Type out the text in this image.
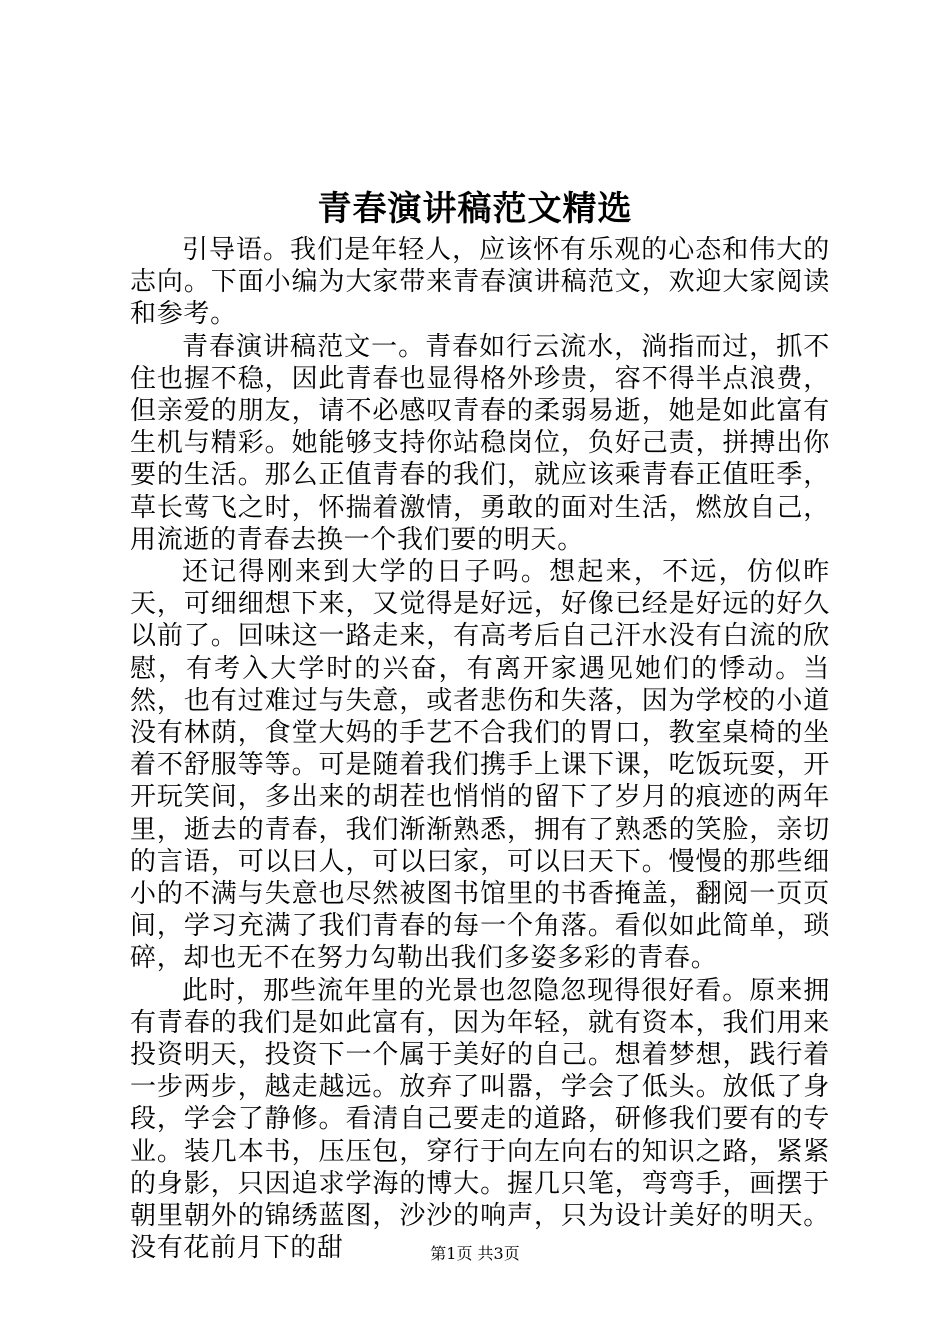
青春演讲稿范文精选

引导语。我们是年轻人，应该怀有乐观的心态和伟大的志向。下面小编为大家带来青春演讲稿范文，欢迎大家阅读和参考。

青春演讲稿范文一。青春如行云流水，淌指而过，抓不住也握不稳，因此青春也显得格外珍贵，容不得半点浪费，但亲爱的朋友，请不必感叹青春的柔弱易逝，她是如此富有生机与精彩。她能够支持你站稳岗位，负好己责，拼搏出你要的生活。那么正值青春的我们，就应该乘青春正值旺季，草长莺飞之时，怀揣着激情，勇敢的面对生活，燃放自己，用流逝的青春去换一个我们要的明天。

还记得刚来到大学的日子吗。想起来，不远，仿似昨天，可细细想下来，又觉得是好远，好像已经是好远的好久以前了。回味这一路走来，有高考后自己汗水没有白流的欣慰，有考入大学时的兴奋，有离开家遇见她们的悸动。当然，也有过难过与失意，或者悲伤和失落，因为学校的小道没有林荫，食堂大妈的手艺不合我们的胃口，教室桌椅的坐着不舒服等等。可是随着我们携手上课下课，吃饭玩耍，开开玩笑间，多出来的胡茬也悄悄的留下了岁月的痕迹的两年里，逝去的青春，我们渐渐熟悉，拥有了熟悉的笑脸，亲切的言语，可以曰人，可以曰家，可以曰天下。慢慢的那些细小的不满与失意也尽然被图书馆里的书香掩盖，翻阅一页页间，学习充满了我们青春的每一个角落。看似如此简单，琐碎，却也无不在努力勾勒出我们多姿多彩的青春。

此时，那些流年里的光景也忽隐忽现得很好看。原来拥有青春的我们是如此富有，因为年轻，就有资本，我们用来投资明天，投资下一个属于美好的自己。想着梦想，践行着一步两步，越走越远。放弃了叫嚣，学会了低头。放低了身段，学会了静修。看清自己要走的道路，研修我们要有的专业。装几本书，压压包，穿行于向左向右的知识之路，紧紧的身影，只因追求学海的博大。握几只笔，弯弯手，画摆于朝里朝外的锦绣蓝图，沙沙的响声，只为设计美好的明天。没有花前月下的甜	第1页 共3页
